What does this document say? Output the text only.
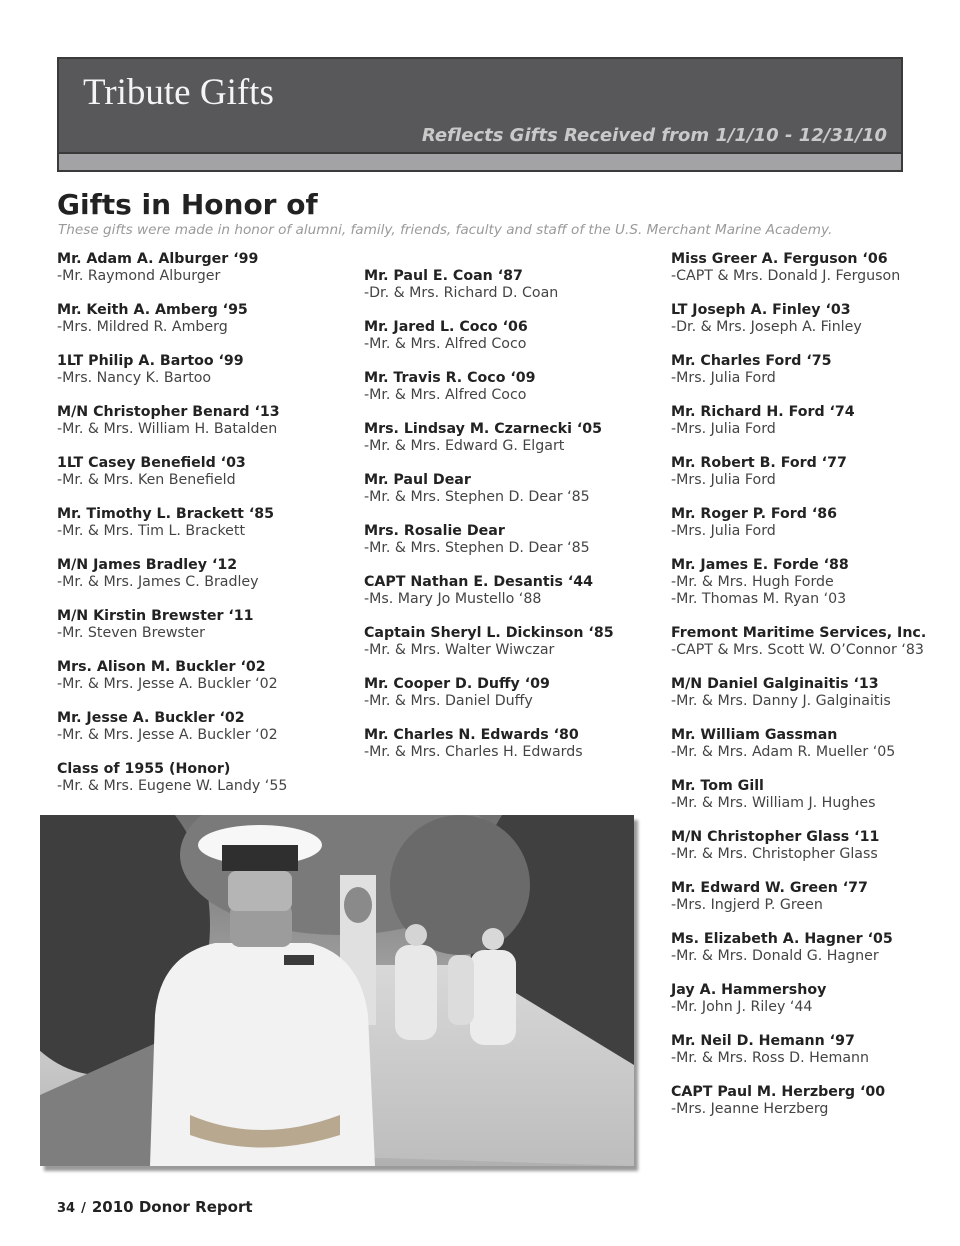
Tribute Gifts
Reflects Gifts Received from 1/1/10 - 12/31/10
Gifts in Honor of
These gifts were made in honor of alumni, family, friends, faculty and staff of the U.S. Merchant Marine Academy.
Mr. Adam A. Alburger ‘99
-Mr. Raymond Alburger
Mr. Keith A. Amberg ‘95
-Mrs. Mildred R. Amberg
1LT Philip A. Bartoo ‘99
-Mrs. Nancy K. Bartoo
M/N Christopher Benard ‘13
-Mr. & Mrs. William H. Batalden
1LT Casey Benefield ‘03
-Mr. & Mrs. Ken Benefield
Mr. Timothy L. Brackett ‘85
-Mr. & Mrs. Tim L. Brackett
M/N James Bradley ‘12
-Mr. & Mrs. James C. Bradley
M/N Kirstin Brewster ‘11
-Mr. Steven Brewster
Mrs. Alison M. Buckler ‘02
-Mr. & Mrs. Jesse A. Buckler ‘02
Mr. Jesse A. Buckler ‘02
-Mr. & Mrs. Jesse A. Buckler ‘02
Class of 1955 (Honor)
-Mr. & Mrs. Eugene W. Landy ‘55
Mr. Paul E. Coan ‘87
-Dr. & Mrs. Richard D. Coan
Mr. Jared L. Coco ‘06
-Mr. & Mrs. Alfred Coco
Mr. Travis R. Coco ‘09
-Mr. & Mrs. Alfred Coco
Mrs. Lindsay M. Czarnecki ‘05
-Mr. & Mrs. Edward G. Elgart
Mr. Paul Dear
-Mr. & Mrs. Stephen D. Dear ‘85
Mrs. Rosalie Dear
-Mr. & Mrs. Stephen D. Dear ‘85
CAPT Nathan E. Desantis ‘44
-Ms. Mary Jo Mustello ‘88
Captain Sheryl L. Dickinson ‘85
-Mr. & Mrs. Walter Wiwczar
Mr. Cooper D. Duffy ‘09
-Mr. & Mrs. Daniel Duffy
Mr. Charles N. Edwards ‘80
-Mr. & Mrs. Charles H. Edwards
Miss Greer A. Ferguson ‘06
-CAPT & Mrs. Donald J. Ferguson
LT Joseph A. Finley ‘03
-Dr. & Mrs. Joseph A. Finley
Mr. Charles Ford ‘75
-Mrs. Julia Ford
Mr. Richard H. Ford ‘74
-Mrs. Julia Ford
Mr. Robert B. Ford ‘77
-Mrs. Julia Ford
Mr. Roger P. Ford ‘86
-Mrs. Julia Ford
Mr. James E. Forde ‘88
-Mr. & Mrs. Hugh Forde
-Mr. Thomas M. Ryan ‘03
Fremont Maritime Services, Inc.
-CAPT & Mrs. Scott W. O’Connor ‘83
M/N Daniel Galginaitis ‘13
-Mr. & Mrs. Danny J. Galginaitis
Mr. William Gassman
-Mr. & Mrs. Adam R. Mueller ‘05
Mr. Tom Gill
-Mr. & Mrs. William J. Hughes
M/N Christopher Glass ‘11
-Mr. & Mrs. Christopher Glass
Mr. Edward W. Green ‘77
-Mrs. Ingjerd P. Green
Ms. Elizabeth A. Hagner ‘05
-Mr. & Mrs. Donald G. Hagner
Jay A. Hammershoy
-Mr. John J. Riley ‘44
Mr. Neil D. Hemann ‘97
-Mr. & Mrs. Ross D. Hemann
CAPT Paul M. Herzberg ‘00
-Mrs. Jeanne Herzberg
34 / 2010 Donor Report
